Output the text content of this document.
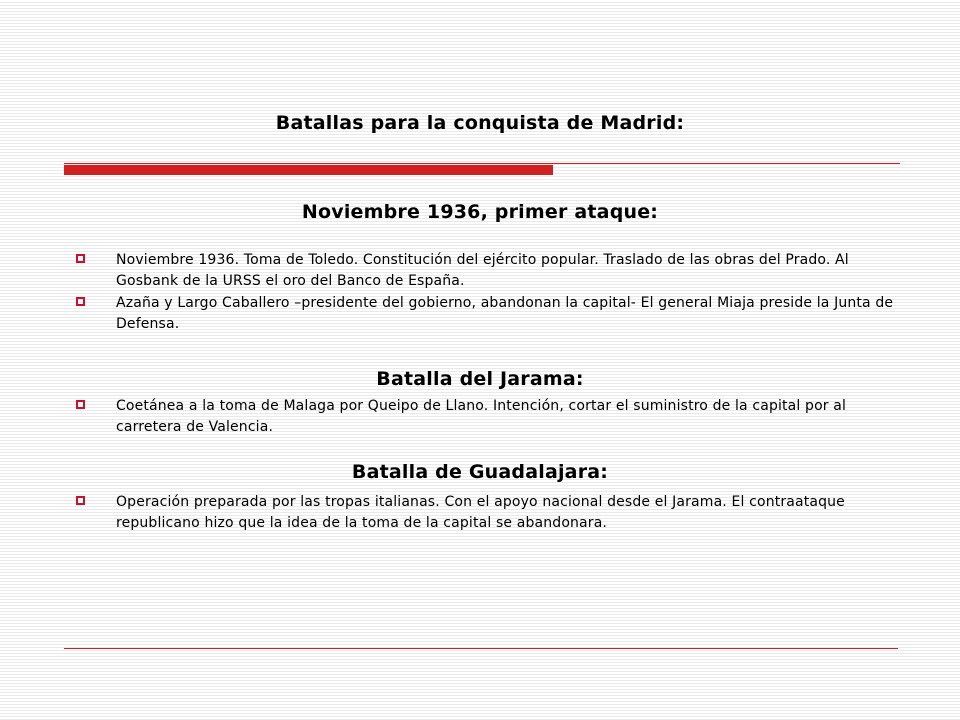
Batallas para la conquista de Madrid:
Noviembre 1936, primer ataque:
Noviembre 1936. Toma de Toledo. Constitución del ejército popular. Traslado de las obras del Prado. Al Gosbank de la URSS el oro del Banco de España.
Azaña y Largo Caballero –presidente del gobierno, abandonan la capital- El general Miaja preside la Junta de Defensa.
Batalla del Jarama:
Coetánea a la toma de Malaga por Queipo de Llano. Intención, cortar el suministro de la capital por al carretera de Valencia.
Batalla de Guadalajara:
Operación preparada por las tropas italianas. Con el apoyo nacional desde el Jarama. El contraataque republicano hizo que la idea de la toma de la capital se abandonara.
